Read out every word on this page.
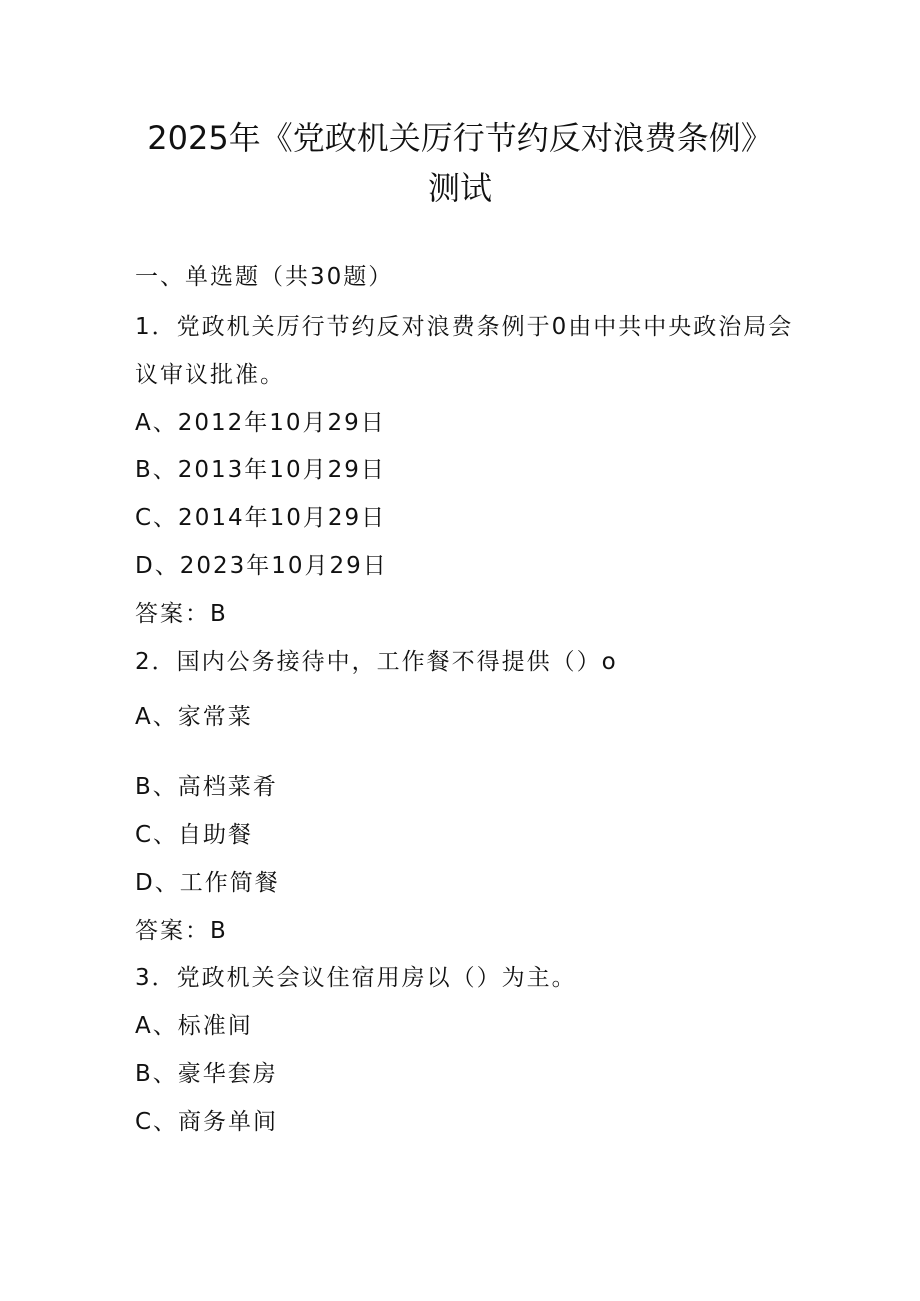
2025年《党政机关厉行节约反对浪费条例》
测试
一、单选题（共30题）
1．党政机关厉行节约反对浪费条例于0由中共中央政治局会
议审议批准。
A、2012年10月29日
B、2013年10月29日
C、2014年10月29日
D、2023年10月29日
答案：B
2．国内公务接待中，工作餐不得提供（）o
A、家常菜
B、高档菜肴
C、自助餐
D、工作简餐
答案：B
3．党政机关会议住宿用房以（）为主。
A、标准间
B、豪华套房
C、商务单间
